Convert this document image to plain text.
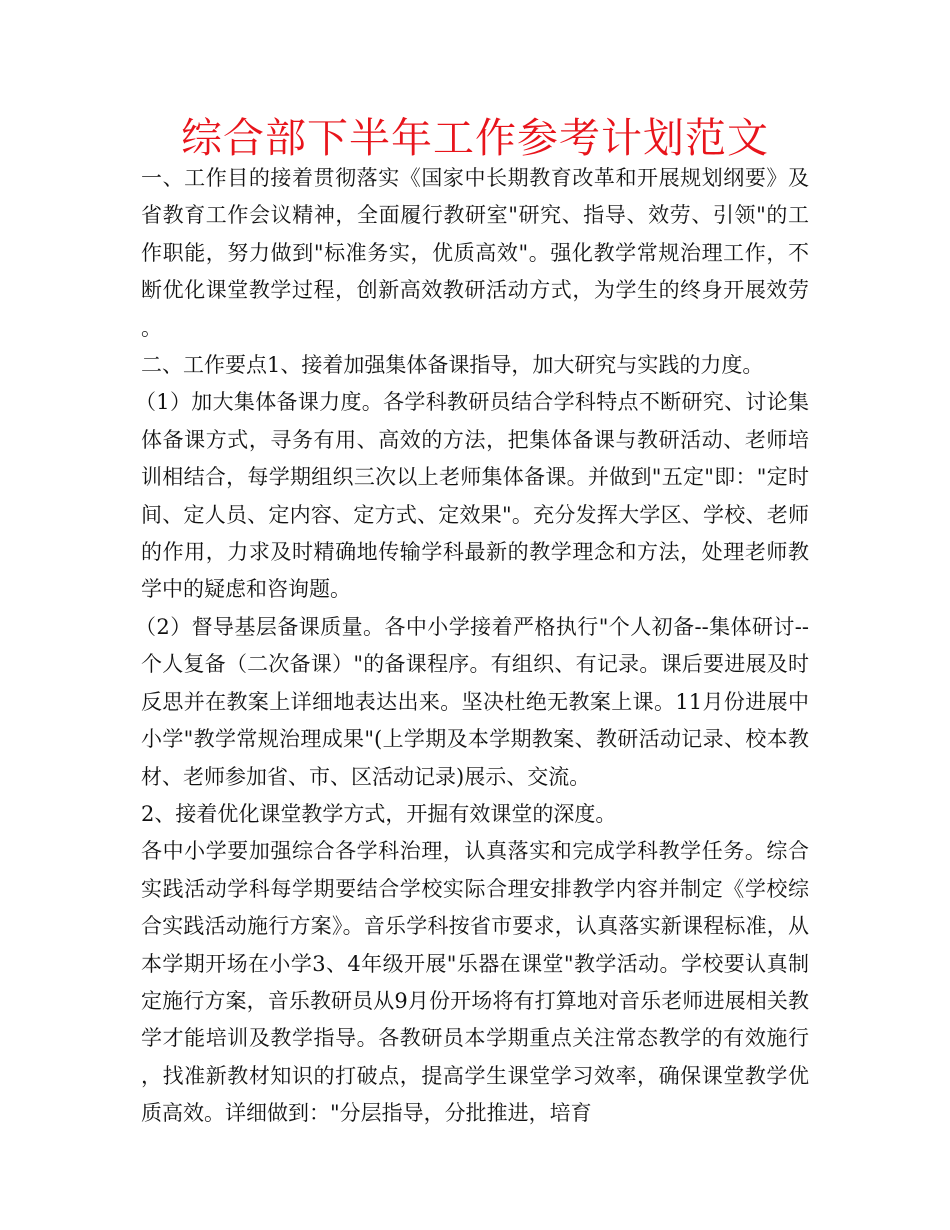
综合部下半年工作参考计划范文

一、工作目的接着贯彻落实《国家中长期教育改革和开展规划纲要》及省教育工作会议精神，全面履行教研室"研究、指导、效劳、引领"的工作职能，努力做到"标准务实，优质高效"。强化教学常规治理工作，不断优化课堂教学过程，创新高效教研活动方式，为学生的终身开展效劳。

二、工作要点1、接着加强集体备课指导，加大研究与实践的力度。

（1）加大集体备课力度。各学科教研员结合学科特点不断研究、讨论集体备课方式，寻务有用、高效的方法，把集体备课与教研活动、老师培训相结合，每学期组织三次以上老师集体备课。并做到"五定"即："定时间、定人员、定内容、定方式、定效果"。充分发挥大学区、学校、老师的作用，力求及时精确地传输学科最新的教学理念和方法，处理老师教学中的疑虑和咨询题。

（2）督导基层备课质量。各中小学接着严格执行"个人初备--集体研讨--个人复备（二次备课）"的备课程序。有组织、有记录。课后要进展及时反思并在教案上详细地表达出来。坚决杜绝无教案上课。11月份进展中小学"教学常规治理成果"(上学期及本学期教案、教研活动记录、校本教材、老师参加省、市、区活动记录)展示、交流。

2、接着优化课堂教学方式，开掘有效课堂的深度。

各中小学要加强综合各学科治理，认真落实和完成学科教学任务。综合实践活动学科每学期要结合学校实际合理安排教学内容并制定《学校综合实践活动施行方案》。音乐学科按省市要求，认真落实新课程标准，从本学期开场在小学3、4年级开展"乐器在课堂"教学活动。学校要认真制定施行方案，音乐教研员从9月份开场将有打算地对音乐老师进展相关教学才能培训及教学指导。各教研员本学期重点关注常态教学的有效施行，找准新教材知识的打破点，提高学生课堂学习效率，确保课堂教学优质高效。详细做到："分层指导，分批推进，培育
